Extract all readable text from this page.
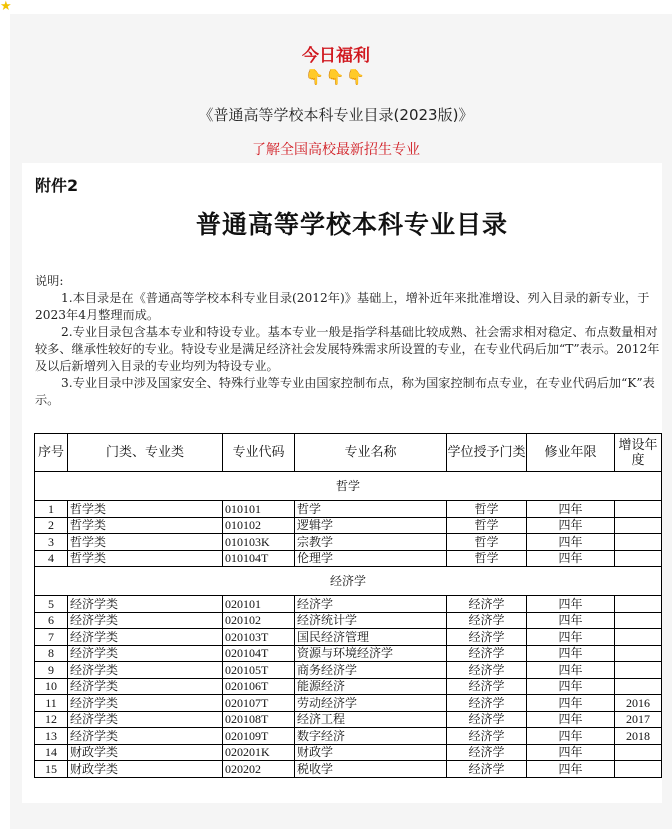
★
今日福利
👇👇👇
《普通高等学校本科专业目录(2023版)》
了解全国高校最新招生专业
附件2
普通高等学校本科专业目录

说明:

1.本目录是在《普通高等学校本科专业目录(2012年)》基础上，增补近年来批准增设、列入目录的新专业，于2023年4月整理而成。

2.专业目录包含基本专业和特设专业。基本专业一般是指学科基础比较成熟、社会需求相对稳定、布点数量相对较多、继承性较好的专业。特设专业是满足经济社会发展特殊需求所设置的专业，在专业代码后加“T”表示。2012年及以后新增列入目录的专业均列为特设专业。

3.专业目录中涉及国家安全、特殊行业等专业由国家控制布点，称为国家控制布点专业，在专业代码后加“K”表示。

序号	门类、专业类	专业代码	专业名称	学位授予门类	修业年限	增设年度
哲学						
1	哲学类	010101	哲学	哲学	四年	
2	哲学类	010102	逻辑学	哲学	四年	
3	哲学类	010103K	宗教学	哲学	四年	
4	哲学类	010104T	伦理学	哲学	四年	
经济学						
5	经济学类	020101	经济学	经济学	四年	
6	经济学类	020102	经济统计学	经济学	四年	
7	经济学类	020103T	国民经济管理	经济学	四年	
8	经济学类	020104T	资源与环境经济学	经济学	四年	
9	经济学类	020105T	商务经济学	经济学	四年	
10	经济学类	020106T	能源经济	经济学	四年	
11	经济学类	020107T	劳动经济学	经济学	四年	2016
12	经济学类	020108T	经济工程	经济学	四年	2017
13	经济学类	020109T	数字经济	经济学	四年	2018
14	财政学类	020201K	财政学	经济学	四年	
15	财政学类	020202	税收学	经济学	四年	
